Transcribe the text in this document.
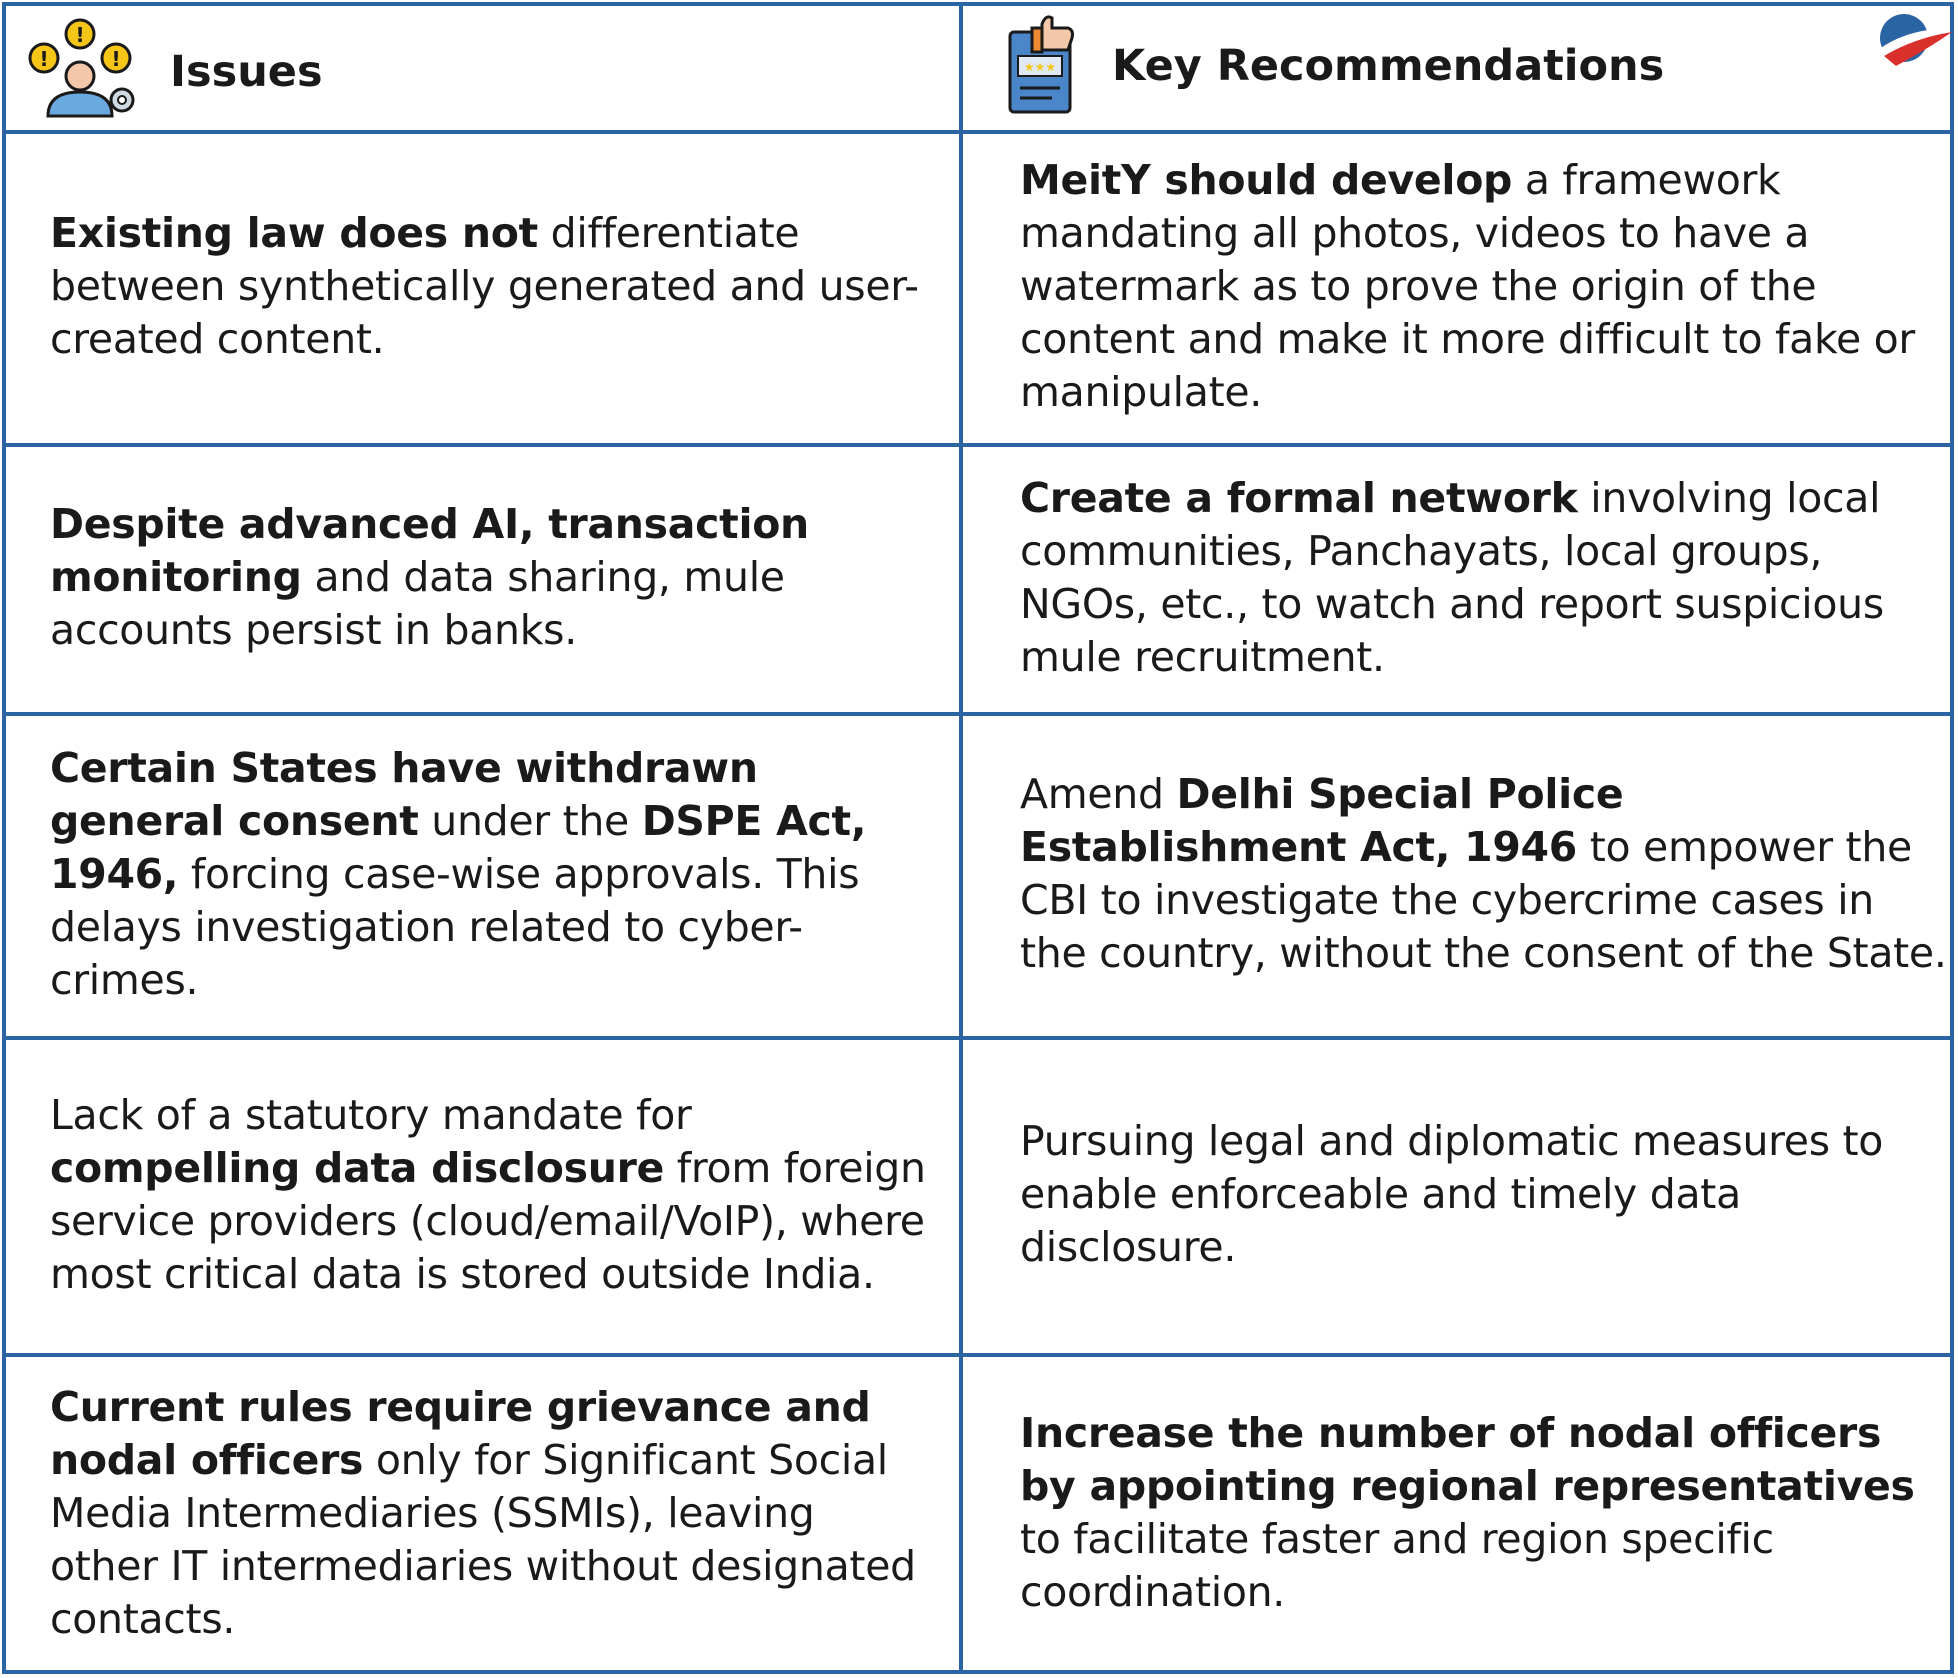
!
!
! Issues	★★★ Key Recommendations

Existing law does not differentiate between synthetically generated and user-created content.

MeitY should develop a framework mandating all photos, videos to have a watermark as to prove the origin of the content and make it more difficult to fake or manipulate.

Despite advanced AI, transaction monitoring and data sharing, mule accounts persist in banks.

Create a formal network involving local communities, Panchayats, local groups, NGOs, etc., to watch and report suspicious mule recruitment.

Certain States have withdrawn general consent under the DSPE Act, 1946, forcing case-wise approvals. This delays investigation related to cyber-crimes.

Amend Delhi Special Police Establishment Act, 1946 to empower the CBI to investigate the cybercrime cases in the country, without the consent of the State.

Lack of a statutory mandate for compelling data disclosure from foreign service providers (cloud/email/VoIP), where most critical data is stored outside India.

Pursuing legal and diplomatic measures to enable enforceable and timely data disclosure.

Current rules require grievance and nodal officers only for Significant Social Media Intermediaries (SSMIs), leaving other IT intermediaries without designated contacts.

Increase the number of nodal officers by appointing regional representatives to facilitate faster and region specific coordination.
